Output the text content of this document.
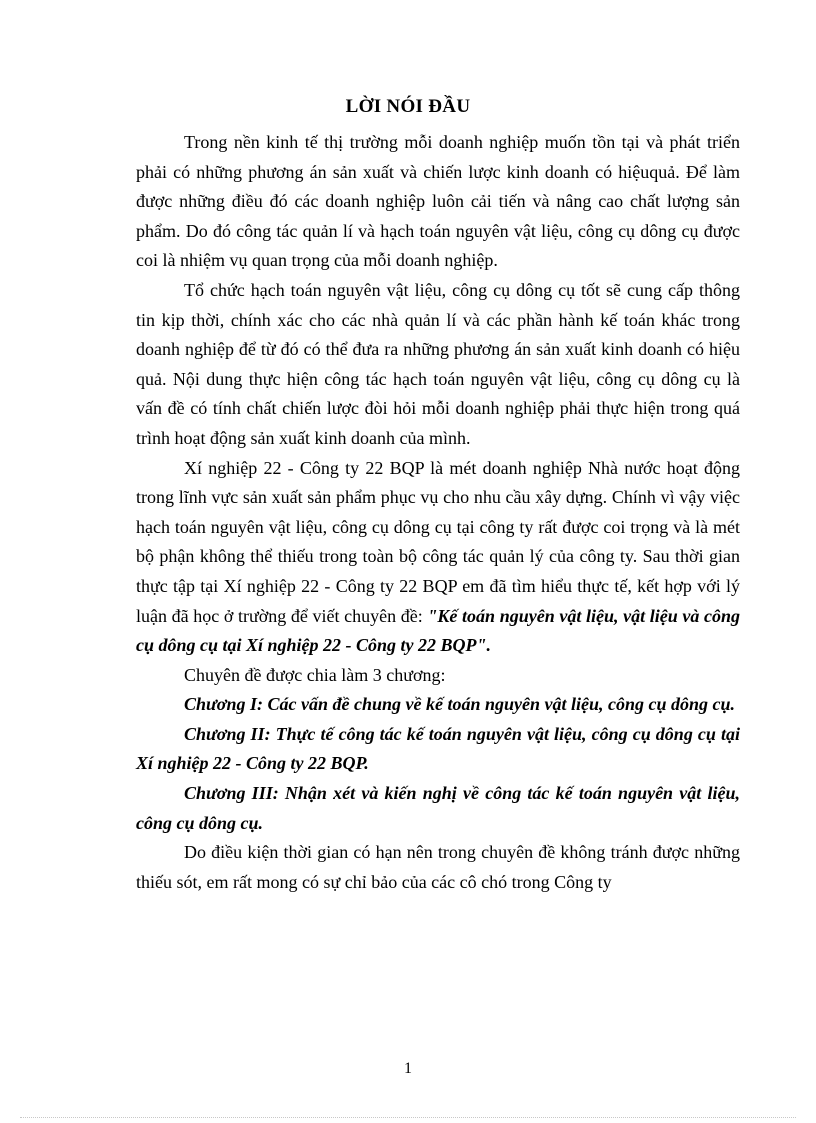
LỜI NÓI ĐẦU

Trong nền kinh tế thị trường mỗi doanh nghiệp muốn tồn tại và phát triển phải có những phương án sản xuất và chiến lược kinh doanh có hiệuquả. Để làm được những điều đó các doanh nghiệp luôn cải tiến và nâng cao chất lượng sản phẩm. Do đó công tác quản lí và hạch toán nguyên vật liệu, công cụ dông cụ được coi là nhiệm vụ quan trọng của mỗi doanh nghiệp.

Tổ chức hạch toán nguyên vật liệu, công cụ dông cụ tốt sẽ cung cấp thông tin kịp thời, chính xác cho các nhà quản lí và các phần hành kế toán khác trong doanh nghiệp để từ đó có thể đưa ra những phương án sản xuất kinh doanh có hiệu quả. Nội dung thực hiện công tác hạch toán nguyên vật liệu, công cụ dông cụ là vấn đề có tính chất chiến lược đòi hỏi mỗi doanh nghiệp phải thực hiện trong quá trình hoạt động sản xuất kinh doanh của mình.

Xí nghiệp 22 - Công ty 22 BQP là mét doanh nghiệp Nhà nước hoạt động trong lĩnh vực sản xuất sản phẩm phục vụ cho nhu cầu xây dựng. Chính vì vậy việc hạch toán nguyên vật liệu, công cụ dông cụ tại công ty rất được coi trọng và là mét bộ phận không thể thiếu trong toàn bộ công tác quản lý của công ty. Sau thời gian thực tập tại Xí nghiệp 22 - Công ty 22 BQP em đã tìm hiểu thực tế, kết hợp với lý luận đã học ở trường để viết chuyên đề: "Kế toán nguyên vật liệu, vật liệu và công cụ dông cụ tại Xí nghiệp 22 - Công ty 22 BQP".

Chuyên đề được chia làm 3 chương:

Chương I: Các vấn đề chung về kế toán nguyên vật liệu, công cụ dông cụ.

Chương II: Thực tế công tác kế toán nguyên vật liệu, công cụ dông cụ tại Xí nghiệp 22 - Công ty 22 BQP.

Chương III: Nhận xét và kiến nghị về công tác kế toán nguyên vật liệu, công cụ dông cụ.

Do điều kiện thời gian có hạn nên trong chuyên đề không tránh được những thiếu sót, em rất mong có sự chỉ bảo của các cô chó trong Công ty

1
